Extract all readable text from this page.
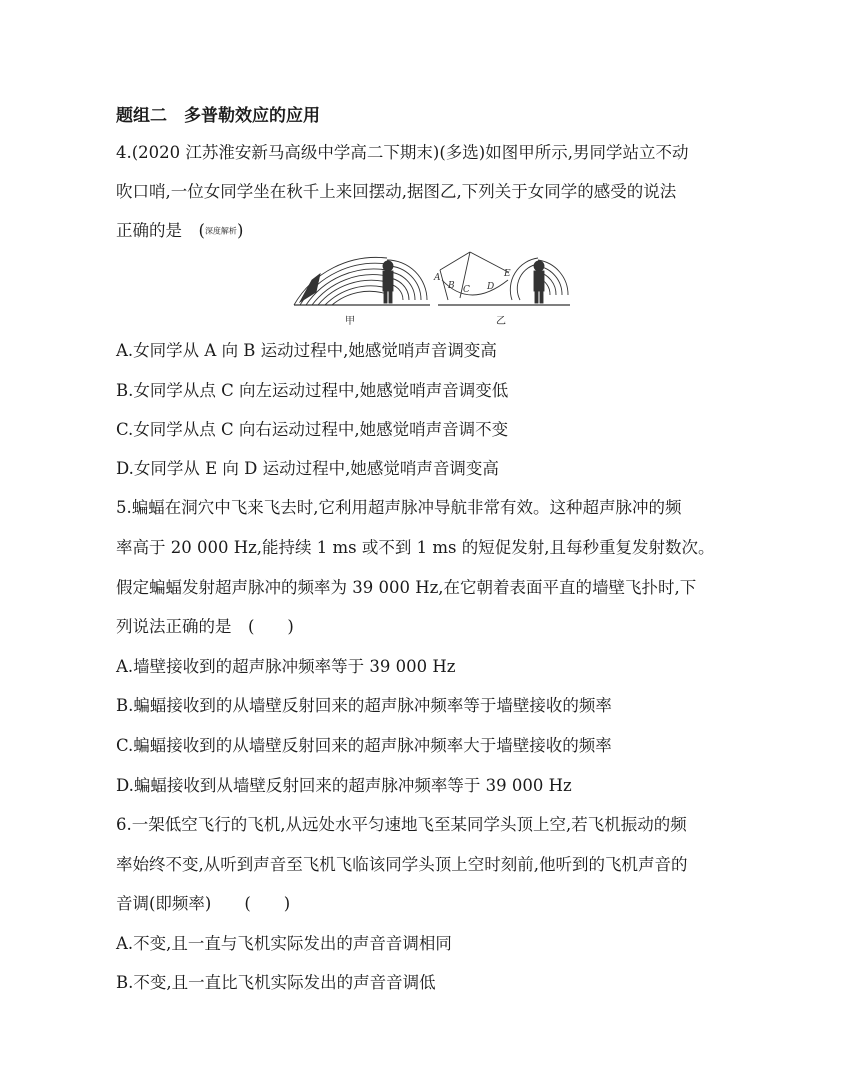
题组二　多普勒效应的应用
4.(2020 江苏淮安新马高级中学高二下期末)(多选)如图甲所示,男同学站立不动
吹口哨,一位女同学坐在秋千上来回摆动,据图乙,下列关于女同学的感受的说法
正确的是　(深度解析)
A
B C D
E
甲	乙
A.女同学从 A 向 B 运动过程中,她感觉哨声音调变高
B.女同学从点 C 向左运动过程中,她感觉哨声音调变低
C.女同学从点 C 向右运动过程中,她感觉哨声音调不变
D.女同学从 E 向 D 运动过程中,她感觉哨声音调变高
5.蝙蝠在洞穴中飞来飞去时,它利用超声脉冲导航非常有效。这种超声脉冲的频
率高于 20 000 Hz,能持续 1 ms 或不到 1 ms 的短促发射,且每秒重复发射数次。
假定蝙蝠发射超声脉冲的频率为 39 000 Hz,在它朝着表面平直的墙壁飞扑时,下
列说法正确的是　(　　)
A.墙壁接收到的超声脉冲频率等于 39 000 Hz
B.蝙蝠接收到的从墙壁反射回来的超声脉冲频率等于墙壁接收的频率
C.蝙蝠接收到的从墙壁反射回来的超声脉冲频率大于墙壁接收的频率
D.蝙蝠接收到从墙壁反射回来的超声脉冲频率等于 39 000 Hz
6.一架低空飞行的飞机,从远处水平匀速地飞至某同学头顶上空,若飞机振动的频
率始终不变,从听到声音至飞机飞临该同学头顶上空时刻前,他听到的飞机声音的
音调(即频率)　　(　　)
A.不变,且一直与飞机实际发出的声音音调相同
B.不变,且一直比飞机实际发出的声音音调低
